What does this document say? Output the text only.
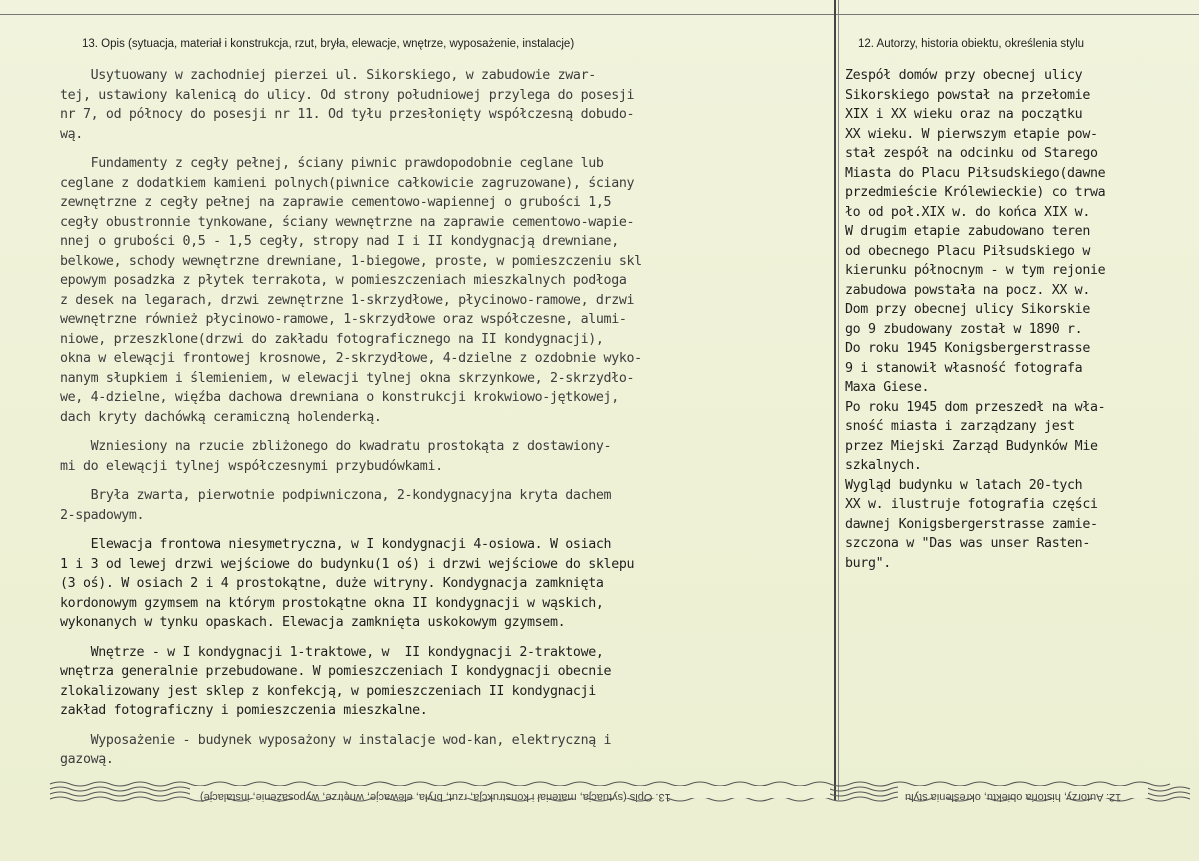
13. Opis (sytuacja, materiał i konstrukcja, rzut, bryła, elewacje, wnętrze, wyposażenie, instalacje)	12. Autorzy, historia obiektu, określenia stylu

Usytuowany w zachodniej pierzei ul. Sikorskiego, w zabudowie zwar-
tej, ustawiony kalenicą do ulicy. Od strony południowej przylega do posesji
nr 7, od północy do posesji nr 11. Od tyłu przesłonięty współczesną dobudo-
wą.

Fundamenty z cegły pełnej, ściany piwnic prawdopodobnie ceglane lub
ceglane z dodatkiem kamieni polnych(piwnice całkowicie zagruzowane), ściany
zewnętrzne z cegły pełnej na zaprawie cementowo-wapiennej o grubości 1,5
cegły obustronnie tynkowane, ściany wewnętrzne na zaprawie cementowo-wapie-
nnej o grubości 0,5 - 1,5 cegły, stropy nad I i II kondygnacją drewniane,
belkowe, schody wewnętrzne drewniane, 1-biegowe, proste, w pomieszczeniu skl
epowym posadzka z płytek terrakota, w pomieszczeniach mieszkalnych podłoga
z desek na legarach, drzwi zewnętrzne 1-skrzydłowe, płycinowo-ramowe, drzwi
wewnętrzne również płycinowo-ramowe, 1-skrzydłowe oraz współczesne, alumi-
niowe, przeszklone(drzwi do zakładu fotograficznego na II kondygnacji),
okna w elewącji frontowej krosnowe, 2-skrzydłowe, 4-dzielne z ozdobnie wyko-
nanym słupkiem i ślemieniem, w elewacji tylnej okna skrzynkowe, 2-skrzydło-
we, 4-dzielne, więźba dachowa drewniana o konstrukcji krokwiowo-jętkowej,
dach kryty dachówką ceramiczną holenderką.

Wzniesiony na rzucie zbliżonego do kwadratu prostokąta z dostawiony-
mi do elewącji tylnej współczesnymi przybudówkami.

Bryła zwarta, pierwotnie podpiwniczona, 2-kondygnacyjna kryta dachem
2-spadowym.

Elewacja frontowa niesymetryczna, w I kondygnacji 4-osiowa. W osiach
1 i 3 od lewej drzwi wejściowe do budynku(1 oś) i drzwi wejściowe do sklepu
(3 oś). W osiach 2 i 4 prostokątne, duże witryny. Kondygnacja zamknięta
kordonowym gzymsem na którym prostokątne okna II kondygnacji w wąskich,
wykonanych w tynku opaskach. Elewacja zamknięta uskokowym gzymsem.

Wnętrze - w I kondygnacji 1-traktowe, w  II kondygnacji 2-traktowe,
wnętrza generalnie przebudowane. W pomieszczeniach I kondygnacji obecnie
zlokalizowany jest sklep z konfekcją, w pomieszczeniach II kondygnacji
zakład fotograficzny i pomieszczenia mieszkalne.

Wyposażenie - budynek wyposażony w instalacje wod-kan, elektryczną i
gazową.

Zespół domów przy obecnej ulicy
Sikorskiego powstał na przełomie
XIX i XX wieku oraz na początku
XX wieku. W pierwszym etapie pow-
stał zespół na odcinku od Starego
Miasta do Placu Piłsudskiego(dawne
przedmieście Królewieckie) co trwa
ło od poł.XIX w. do końca XIX w.
W drugim etapie zabudowano teren
od obecnego Placu Piłsudskiego w
kierunku północnym - w tym rejonie
zabudowa powstała na pocz. XX w.
Dom przy obecnej ulicy Sikorskie
go 9 zbudowany został w 1890 r.
Do roku 1945 Konigsbergerstrasse
9 i stanowił własność fotografa
Maxa Giese.
Po roku 1945 dom przeszedł na wła-
sność miasta i zarządzany jest
przez Miejski Zarząd Budynków Mie
szkalnych.
Wygląd budynku w latach 20-tych
XX w. ilustruje fotografia części
dawnej Konigsbergerstrasse zamie-
szczona w "Das was unser Rasten-
burg".

13. Opis (sytuacja, materiał i konstrukcja, rzut, bryła, elewacje, wnętrze, wyposażenie, instalacje)	12. Autorzy, historia obiektu, określenia stylu
